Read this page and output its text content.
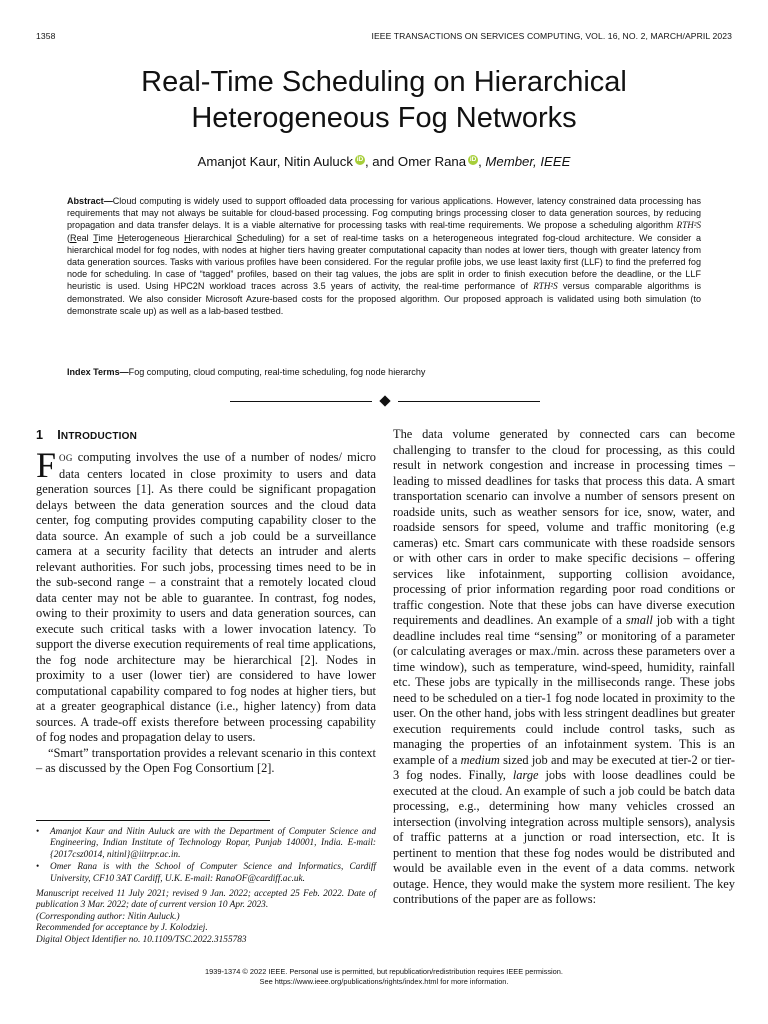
1358	IEEE TRANSACTIONS ON SERVICES COMPUTING, VOL. 16, NO. 2, MARCH/APRIL 2023
Real-Time Scheduling on Hierarchical
Heterogeneous Fog Networks
Amanjot Kaur, Nitin Auluck iD , and Omer Rana iD , Member, IEEE
Abstract—Cloud computing is widely used to support offloaded data processing for various applications. However, latency constrained data processing has requirements that may not always be suitable for cloud-based processing. Fog computing brings processing closer to data generation sources, by reducing propagation and data transfer delays. It is a viable alternative for processing tasks with real-time requirements. We propose a scheduling algorithm RTH²S (Real Time Heterogeneous Hierarchical Scheduling) for a set of real-time tasks on a heterogeneous integrated fog-cloud architecture. We consider a hierarchical model for fog nodes, with nodes at higher tiers having greater computational capacity than nodes at lower tiers, though with greater latency from data generation sources. Tasks with various profiles have been considered. For the regular profile jobs, we use least laxity first (LLF) to find the preferred fog node for scheduling. In case of “tagged” profiles, based on their tag values, the jobs are split in order to finish execution before the deadline, or the LLF heuristic is used. Using HPC2N workload traces across 3.5 years of activity, the real-time performance of RTH²S versus comparable algorithms is demonstrated. We also consider Microsoft Azure-based costs for the proposed algorithm. Our proposed approach is validated using both simulation (to demonstrate scale up) as well as a lab-based testbed.
Index Terms—Fog computing, cloud computing, real-time scheduling, fog node hierarchy
1 INTRODUCTION

FOG computing involves the use of a number of nodes/ micro data centers located in close proximity to users and data generation sources [1]. As there could be significant propagation delays between the data generation sources and the cloud data center, fog computing provides computing capability closer to the data source. An example of such a job could be a surveillance camera at a security facility that detects an intruder and alerts relevant authorities. For such jobs, processing times need to be in the sub-second range – a constraint that a remotely located cloud data center may not be able to guarantee. In contrast, fog nodes, owing to their proximity to users and data generation sources, can execute such critical tasks with a lower invocation latency. To support the diverse execution requirements of real time applications, the fog node architecture may be hierarchical [2]. Nodes in proximity to a user (lower tier) are considered to have lower computational capability compared to fog nodes at higher tiers, but at a greater geographical distance (i.e., higher latency) from data sources. A trade-off exists therefore between processing capability of fog nodes and propagation delay to users.

“Smart” transportation provides a relevant scenario in this context – as discussed by the Open Fog Consortium [2].

• Amanjot Kaur and Nitin Auluck are with the Department of Computer Science and Engineering, Indian Institute of Technology Ropar, Punjab 140001, India. E-mail: {2017csz0014, nitinl}@iitrpr.ac.in.
• Omer Rana is with the School of Computer Science and Informatics, Cardiff University, CF10 3AT Cardiff, U.K. E-mail: RanaOF@cardiff.ac.uk.
Manuscript received 11 July 2021; revised 9 Jan. 2022; accepted 25 Feb. 2022. Date of publication 3 Mar. 2022; date of current version 10 Apr. 2023.
(Corresponding author: Nitin Auluck.)
Recommended for acceptance by J. Kolodziej.
Digital Object Identifier no. 10.1109/TSC.2022.3155783

The data volume generated by connected cars can become challenging to transfer to the cloud for processing, as this could result in network congestion and increase in processing times – leading to missed deadlines for tasks that process this data. A smart transportation scenario can involve a number of sensors present on roadside units, such as weather sensors for ice, snow, water, and roadside sensors for speed, volume and traffic monitoring (e.g cameras) etc. Smart cars communicate with these roadside sensors or with other cars in order to make specific decisions – offering services like infotainment, supporting collision avoidance, processing of prior information regarding poor road conditions or traffic congestion. Note that these jobs can have diverse execution requirements and deadlines. An example of a small job with a tight deadline includes real time “sensing” or monitoring of a parameter (or calculating averages or max./min. across these parameters over a time window), such as temperature, wind-speed, humidity, rainfall etc. These jobs are typically in the milliseconds range. These jobs need to be scheduled on a tier-1 fog node located in proximity to the user. On the other hand, jobs with less stringent deadlines but greater execution requirements could include control tasks, such as managing the properties of an infotainment system. This is an example of a medium sized job and may be executed at tier-2 or tier-3 fog nodes. Finally, large jobs with loose deadlines could be executed at the cloud. An example of such a job could be batch data processing, e.g., determining how many vehicles crossed an intersection (involving integration across multiple sensors), analysis of traffic patterns at a junction or road intersection, etc. It is pertinent to mention that these fog nodes would be distributed and would be available even in the event of a data comms. network outage. Hence, they would make the system more resilient. The key contributions of the paper are as follows:

1939-1374 © 2022 IEEE. Personal use is permitted, but republication/redistribution requires IEEE permission.
See https://www.ieee.org/publications/rights/index.html for more information.
